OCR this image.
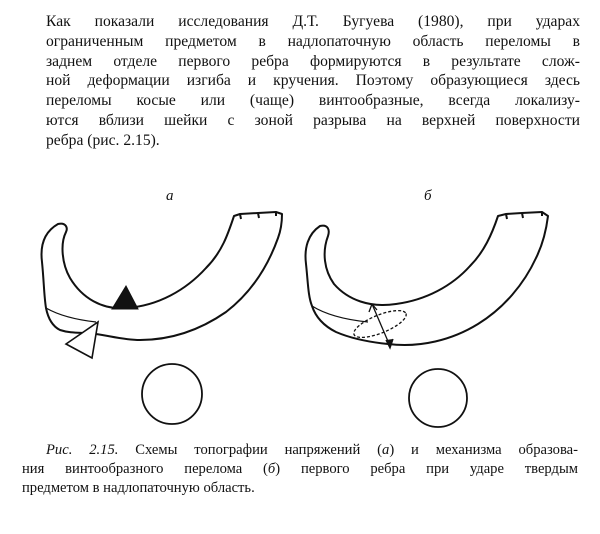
Как показали исследования Д.Т. Бугуева (1980), при ударах
ограниченным предметом в надлопаточную область переломы в
заднем отделе первого ребра формируются в результате слож-
ной деформации изгиба и кручения. Поэтому образующиеся здесь
переломы косые или (чаще) винтообразные, всегда локализу-
ются вблизи шейки с зоной разрыва на верхней поверхности
ребра (рис. 2.15).
а	б
Рис. 2.15. Схемы топографии напряжений (а) и механизма образова-
ния винтообразного перелома (б) первого ребра при ударе твердым
предметом в надлопаточную область.
